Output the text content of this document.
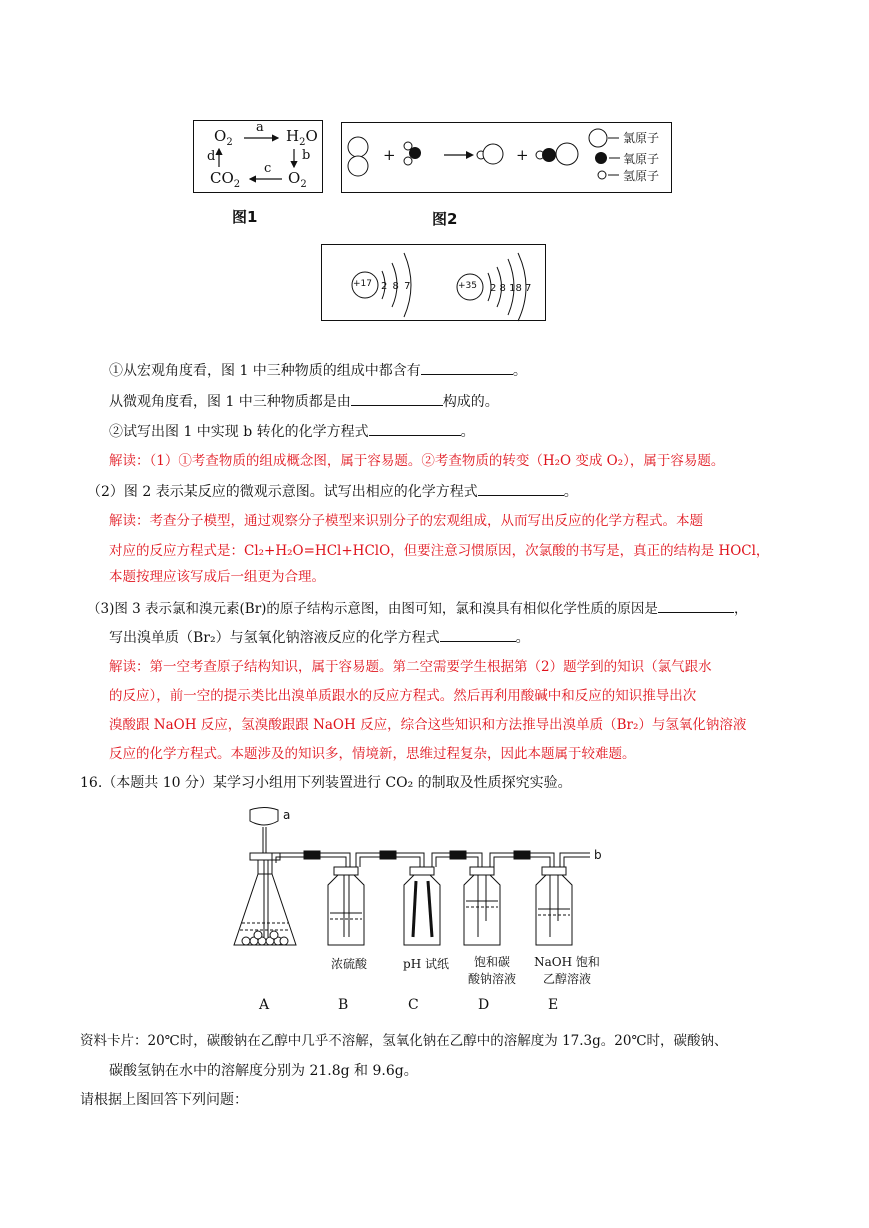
$O_2$	$H_2O$
$CO_2$	$O_2$
a
b
c
d
图1
+	+
氯原子
氧原子
氢原子
图2
+17 2 8 7	+35 2 8 18 7
①从宏观角度看，图 1 中三种物质的组成中都含有	。
从微观角度看，图 1 中三种物质都是由	构成的。
②试写出图 1 中实现 b 转化的化学方程式	。
解读：（1）①考查物质的组成概念图，属于容易题。②考查物质的转变（H₂O 变成 O₂），属于容易题。
（2）图 2 表示某反应的微观示意图。试写出相应的化学方程式	。
解读：考查分子模型，通过观察分子模型来识别分子的宏观组成，从而写出反应的化学方程式。本题
对应的反应方程式是：Cl₂+H₂O=HCl+HClO，但要注意习惯原因，次氯酸的书写是，真正的结构是 HOCl，
本题按理应该写成后一组更为合理。
（3)图 3 表示氯和溴元素(Br)的原子结构示意图，由图可知，氯和溴具有相似化学性质的原因是	，
写出溴单质（Br₂）与氢氧化钠溶液反应的化学方程式	。
解读：第一空考查原子结构知识，属于容易题。第二空需要学生根据第（2）题学到的知识（氯气跟水
的反应），前一空的提示类比出溴单质跟水的反应方程式。然后再利用酸碱中和反应的知识推导出次
溴酸跟 NaOH 反应，氢溴酸跟跟 NaOH 反应，综合这些知识和方法推导出溴单质（Br₂）与氢氧化钠溶液
反应的化学方程式。本题涉及的知识多，情境新，思维过程复杂，因此本题属于较难题。
16.（本题共 10 分）某学习小组用下列装置进行 CO₂ 的制取及性质探究实验。
a
b
浓硫酸	pH 试纸	饱和碳
酸钠溶液
NaOH 饱和
乙醇溶液
A	B	C	D	E
资料卡片：20℃时，碳酸钠在乙醇中几乎不溶解，氢氧化钠在乙醇中的溶解度为 17.3g。20℃时，碳酸钠、
碳酸氢钠在水中的溶解度分别为 21.8g 和 9.6g。
请根据上图回答下列问题：
